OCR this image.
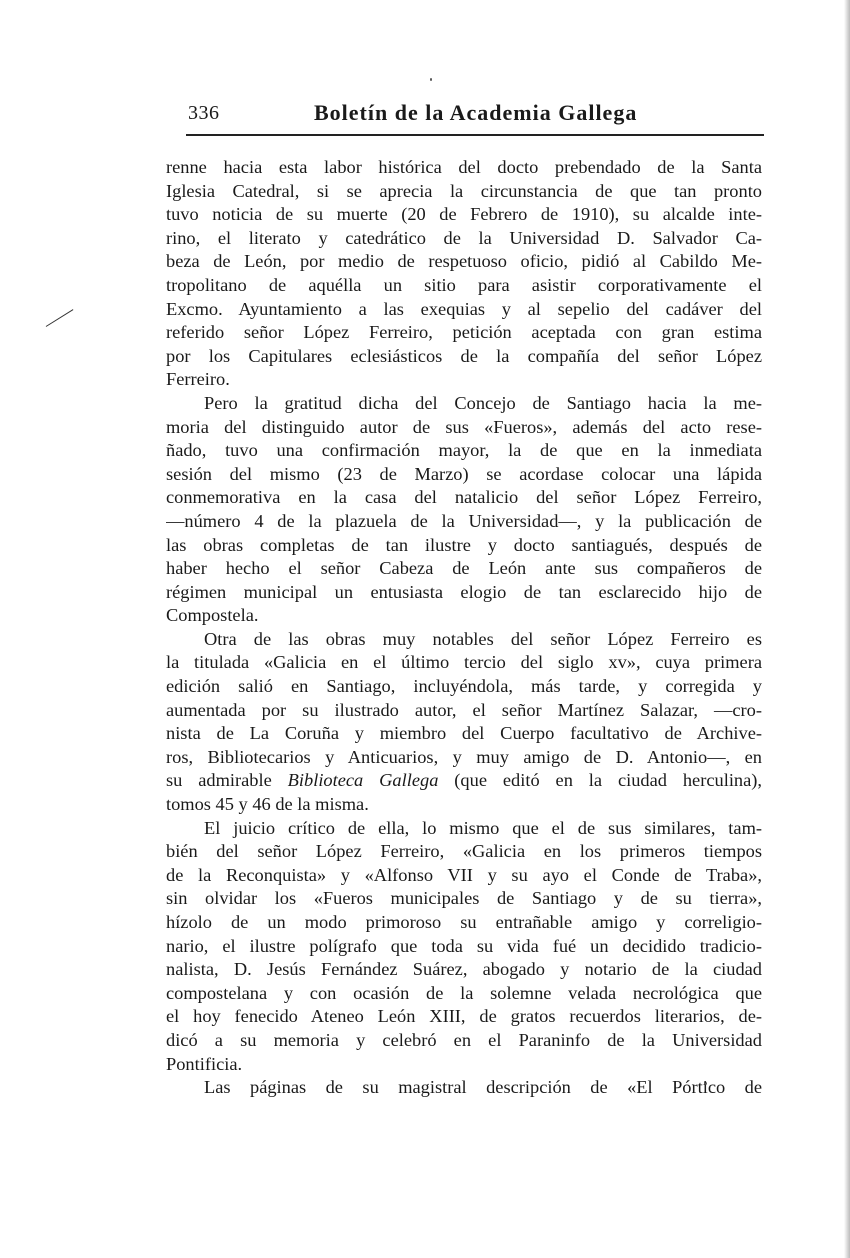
336	Boletín de la Academia Gallega
renne hacia esta labor histórica del docto prebendado de la Santa
Iglesia Catedral, si se aprecia la circunstancia de que tan pronto
tuvo noticia de su muerte (20 de Febrero de 1910), su alcalde inte-
rino, el literato y catedrático de la Universidad D. Salvador Ca-
beza de León, por medio de respetuoso oficio, pidió al Cabildo Me-
tropolitano de aquélla un sitio para asistir corporativamente el
Excmo. Ayuntamiento a las exequias y al sepelio del cadáver del
referido señor López Ferreiro, petición aceptada con gran estima
por los Capitulares eclesiásticos de la compañía del señor López
Ferreiro.
Pero la gratitud dicha del Concejo de Santiago hacia la me-
moria del distinguido autor de sus «Fueros», además del acto rese-
ñado, tuvo una confirmación mayor, la de que en la inmediata
sesión del mismo (23 de Marzo) se acordase colocar una lápida
conmemorativa en la casa del natalicio del señor López Ferreiro,
—número 4 de la plazuela de la Universidad—, y la publicación de
las obras completas de tan ilustre y docto santiagués, después de
haber hecho el señor Cabeza de León ante sus compañeros de
régimen municipal un entusiasta elogio de tan esclarecido hijo de
Compostela.
Otra de las obras muy notables del señor López Ferreiro es
la titulada «Galicia en el último tercio del siglo xv», cuya primera
edición salió en Santiago, incluyéndola, más tarde, y corregida y
aumentada por su ilustrado autor, el señor Martínez Salazar, —cro-
nista de La Coruña y miembro del Cuerpo facultativo de Archive-
ros, Bibliotecarios y Anticuarios, y muy amigo de D. Antonio—, en
su admirable Biblioteca Gallega (que editó en la ciudad herculina),
tomos 45 y 46 de la misma.
El juicio crítico de ella, lo mismo que el de sus similares, tam-
bién del señor López Ferreiro, «Galicia en los primeros tiempos
de la Reconquista» y «Alfonso VII y su ayo el Conde de Traba»,
sin olvidar los «Fueros municipales de Santiago y de su tierra»,
hízolo de un modo primoroso su entrañable amigo y correligio-
nario, el ilustre polígrafo que toda su vida fué un decidido tradicio-
nalista, D. Jesús Fernández Suárez, abogado y notario de la ciudad
compostelana y con ocasión de la solemne velada necrológica que
el hoy fenecido Ateneo León XIII, de gratos recuerdos literarios, de-
dicó a su memoria y celebró en el Paraninfo de la Universidad
Pontificia.
Las páginas de su magistral descripción de «El Pórtico de
